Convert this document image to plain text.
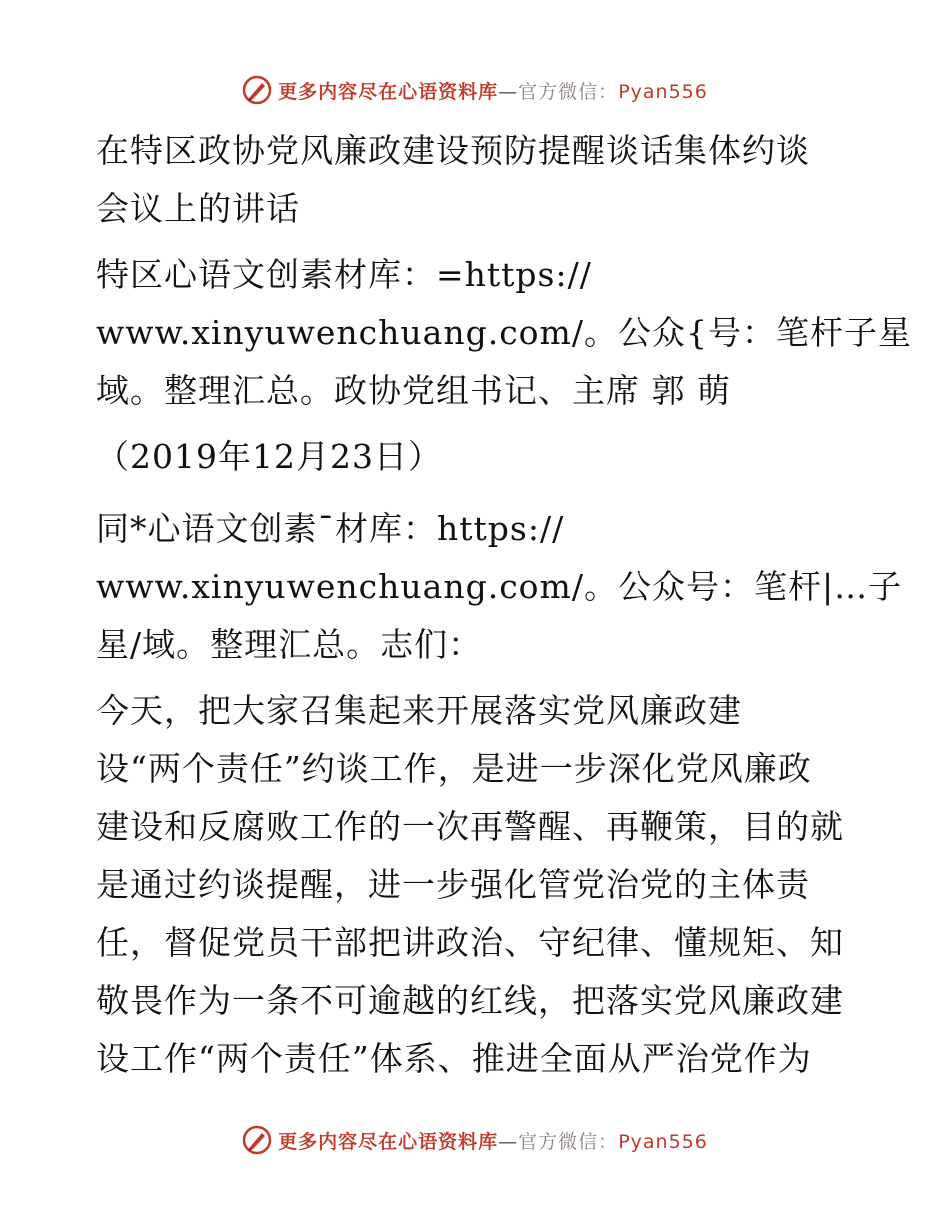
更多内容尽在心语资料库—官方微信：Pyan556

在特区政协党风廉政建设预防提醒谈话集体约谈
会议上的讲话

特区心语文创素材库：=https://
www.xinyuwenchuang.com/。公众{号：笔杆子星
域。整理汇总。政协党组书记、主席 郭 萌

（2019年12月23日）

同*心语文创素¯材库：https://
www.xinyuwenchuang.com/。公众号：笔杆|…子
星/域。整理汇总。志们：

今天，把大家召集起来开展落实党风廉政建
设“两个责任”约谈工作，是进一步深化党风廉政
建设和反腐败工作的一次再警醒、再鞭策，目的就
是通过约谈提醒，进一步强化管党治党的主体责
任，督促党员干部把讲政治、守纪律、懂规矩、知
敬畏作为一条不可逾越的红线，把落实党风廉政建
设工作“两个责任”体系、推进全面从严治党作为

更多内容尽在心语资料库—官方微信：Pyan556
